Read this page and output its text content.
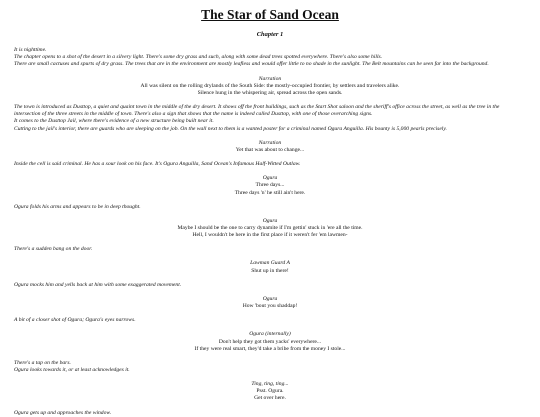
The Star of Sand Ocean
Chapter 1

It is nighttime.

The chapter opens to a shot of the desert in a silvery light. There's some dry grass and such, along with some dead trees spotted everywhere. There's also some hills.

There are small cactuses and spurts of dry grass. The trees that are in the environment are mostly leafless and would offer little to no shade in the sunlight. The Belt mountains can be seen far into the background.

Narration
All was silent on the rolling drylands of the South Side: the mostly-occupied frontier, by settlers and travelers alike.
Silence hung in the whispering air, spread across the open sands.

The town is introduced as Dusttop, a quiet and quaint town in the middle of the dry desert. It shows off the front buildings, such as the Start Shot saloon and the sheriff's office across the street, as well as the tree in the intersection of the three streets in the middle of town. There's also a sign that shows that the name is indeed called Dusttop, with one of those overarching signs.

It comes to the Dusttop Jail, where there's evidence of a new structure being built near it.

Cutting to the jail's interior, there are guards who are sleeping on the job. On the wall next to them is a wanted poster for a criminal named Ogura Anguilla. His bounty is 5,000 pearls precisely.

Narration
Yet that was about to change...

Inside the cell is said criminal. He has a sour look on his face. It's Ogura Anguilla, Sand Ocean's Infamous Half-Witted Outlaw.

Ogura
Three days...
Three days 'n' he still ain't here.

Ogura folds his arms and appears to be in deep thought.

Ogura
Maybe I should be the one to carry dynamite if I'm gettin' stuck in 'ere all the time.
Hell, I wouldn't be here in the first place if it weren't fer 'em lawmen-

There's a sudden bang on the door.

Lawman Guard A
Shut up in there!

Ogura mocks him and yells back at him with some exaggerated movement.

Ogura
How 'bout you shaddap!

A bit of a closer shot of Ogura; Ogura's eyes narrows.

Ogura (internally)
Don't help they got them yacks' everywhere...
If they were real smart, they'd take a bribe from the money I stole...

There's a tap on the bars.

Ogura looks towards it, or at least acknowledges it.

Ting, ting, ting...
Psst. Ogura.
Get over here.

Ogura gets up and approaches the window.
